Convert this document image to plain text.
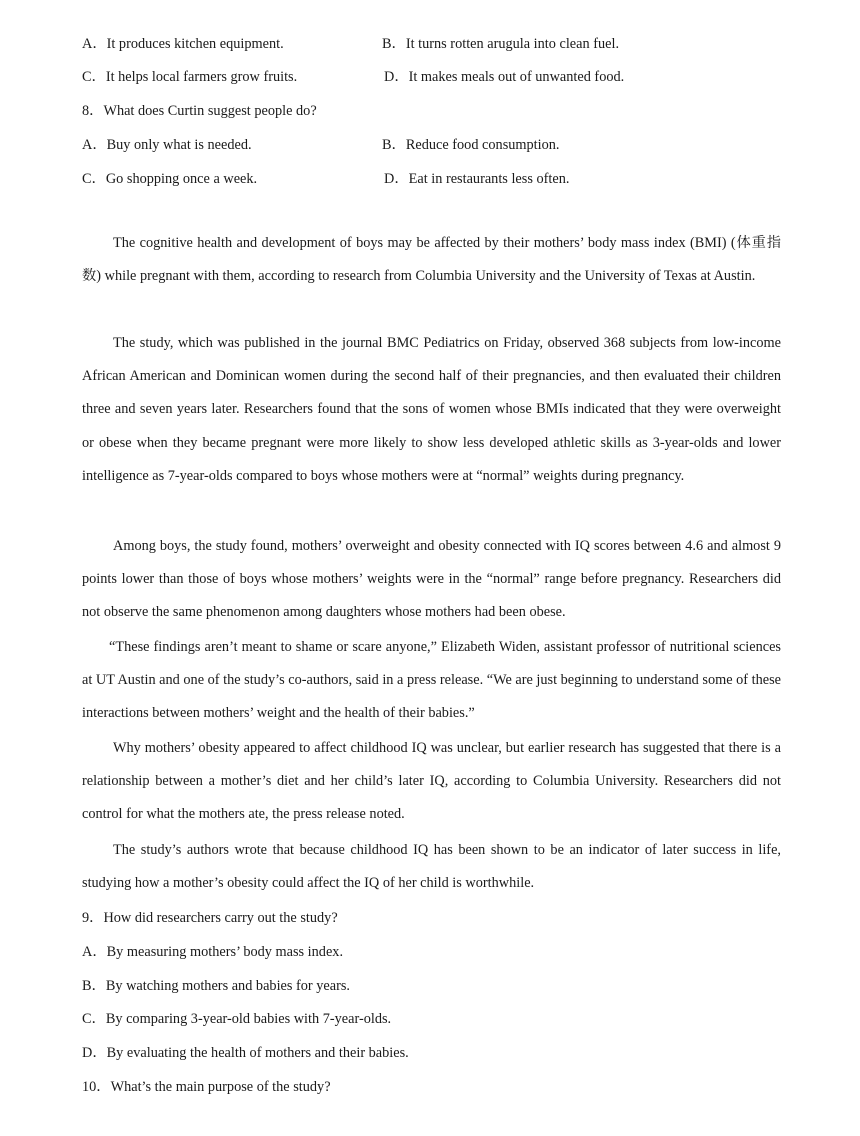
A．It produces kitchen equipment.	B．It turns rotten arugula into clean fuel.
C．It helps local farmers grow fruits.	D．It makes meals out of unwanted food.
8．What does Curtin suggest people do?
A．Buy only what is needed.	B．Reduce food consumption.
C．Go shopping once a week.	D．Eat in restaurants less often.

The cognitive health and development of boys may be affected by their mothers’ body mass index (BMI) (体重指数) while pregnant with them, according to research from Columbia University and the University of Texas at Austin.

The study, which was published in the journal BMC Pediatrics on Friday, observed 368 subjects from low-income African American and Dominican women during the second half of their pregnancies, and then evaluated their children three and seven years later. Researchers found that the sons of women whose BMIs indicated that they were overweight or obese when they became pregnant were more likely to show less developed athletic skills as 3-year-olds and lower intelligence as 7-year-olds compared to boys whose mothers were at “normal” weights during pregnancy.

Among boys, the study found, mothers’ overweight and obesity connected with IQ scores between 4.6 and almost 9 points lower than those of boys whose mothers’ weights were in the “normal” range before pregnancy. Researchers did not observe the same phenomenon among daughters whose mothers had been obese.

“These findings aren’t meant to shame or scare anyone,” Elizabeth Widen, assistant professor of nutritional sciences at UT Austin and one of the study’s co-authors, said in a press release. “We are just beginning to understand some of these interactions between mothers’ weight and the health of their babies.”

Why mothers’ obesity appeared to affect childhood IQ was unclear, but earlier research has suggested that there is a relationship between a mother’s diet and her child’s later IQ, according to Columbia University. Researchers did not control for what the mothers ate, the press release noted.

The study’s authors wrote that because childhood IQ has been shown to be an indicator of later success in life, studying how a mother’s obesity could affect the IQ of her child is worthwhile.

9．How did researchers carry out the study?
A．By measuring mothers’ body mass index.
B．By watching mothers and babies for years.
C．By comparing 3-year-old babies with 7-year-olds.
D．By evaluating the health of mothers and their babies.
10．What’s the main purpose of the study?
